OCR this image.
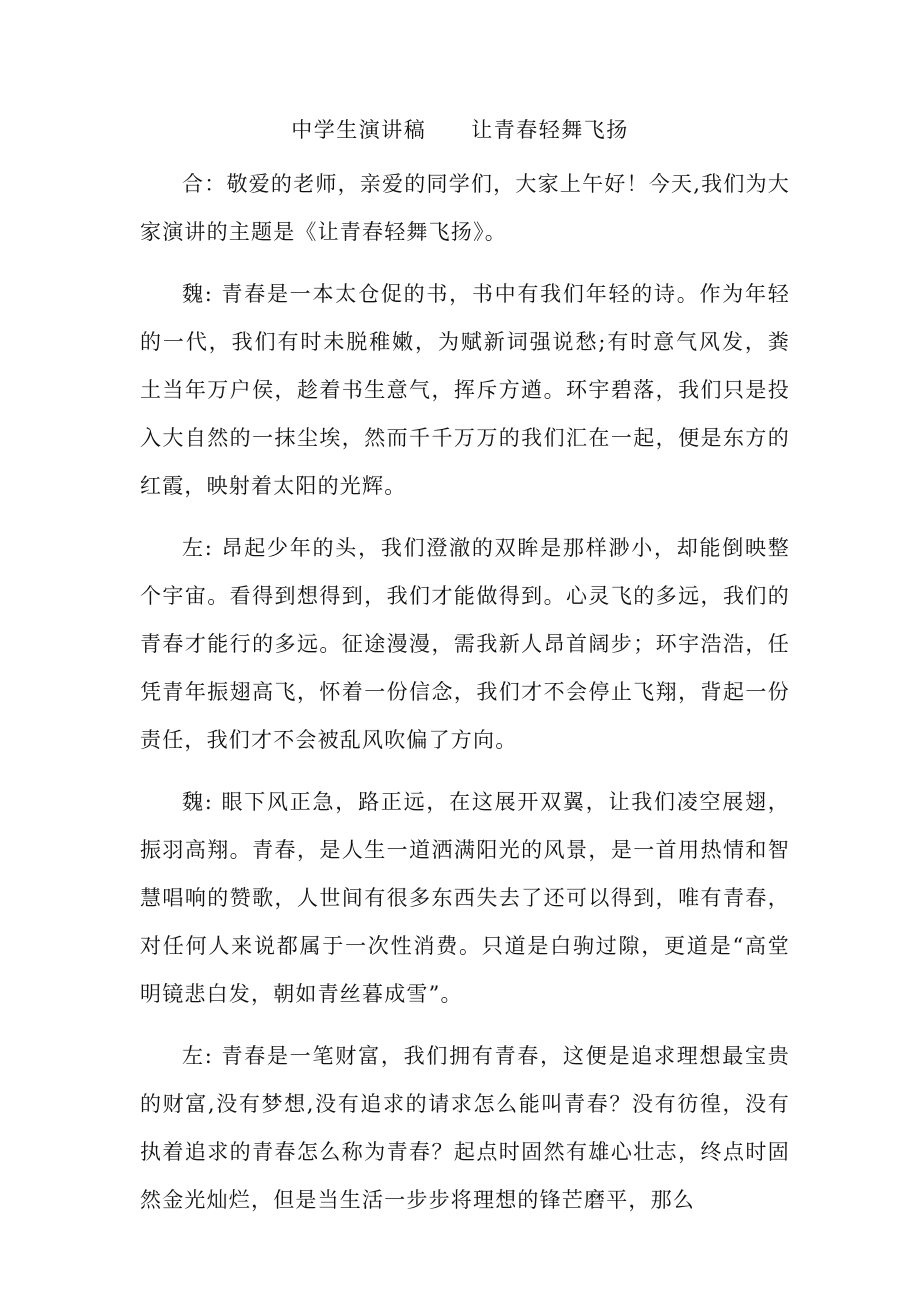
中学生演讲稿　　让青春轻舞飞扬

合：敬爱的老师，亲爱的同学们，大家上午好！今天,我们为大家演讲的主题是《让青春轻舞飞扬》。

魏: 青春是一本太仓促的书，书中有我们年轻的诗。作为年轻的一代，我们有时未脱稚嫩，为赋新词强说愁;有时意气风发，粪土当年万户侯，趁着书生意气，挥斥方遒。环宇碧落，我们只是投入大自然的一抹尘埃，然而千千万万的我们汇在一起，便是东方的红霞，映射着太阳的光辉。

左: 昂起少年的头，我们澄澈的双眸是那样渺小，却能倒映整个宇宙。看得到想得到，我们才能做得到。心灵飞的多远，我们的青春才能行的多远。征途漫漫，需我新人昂首阔步；环宇浩浩，任凭青年振翅高飞，怀着一份信念，我们才不会停止飞翔，背起一份责任，我们才不会被乱风吹偏了方向。

魏: 眼下风正急，路正远，在这展开双翼，让我们凌空展翅，振羽高翔。青春，是人生一道洒满阳光的风景，是一首用热情和智慧唱响的赞歌，人世间有很多东西失去了还可以得到，唯有青春，对任何人来说都属于一次性消费。只道是白驹过隙，更道是“高堂明镜悲白发，朝如青丝暮成雪”。

左: 青春是一笔财富，我们拥有青春，这便是追求理想最宝贵的财富,没有梦想,没有追求的请求怎么能叫青春？没有彷徨，没有执着追求的青春怎么称为青春？起点时固然有雄心壮志，终点时固然金光灿烂，但是当生活一步步将理想的锋芒磨平，那么
